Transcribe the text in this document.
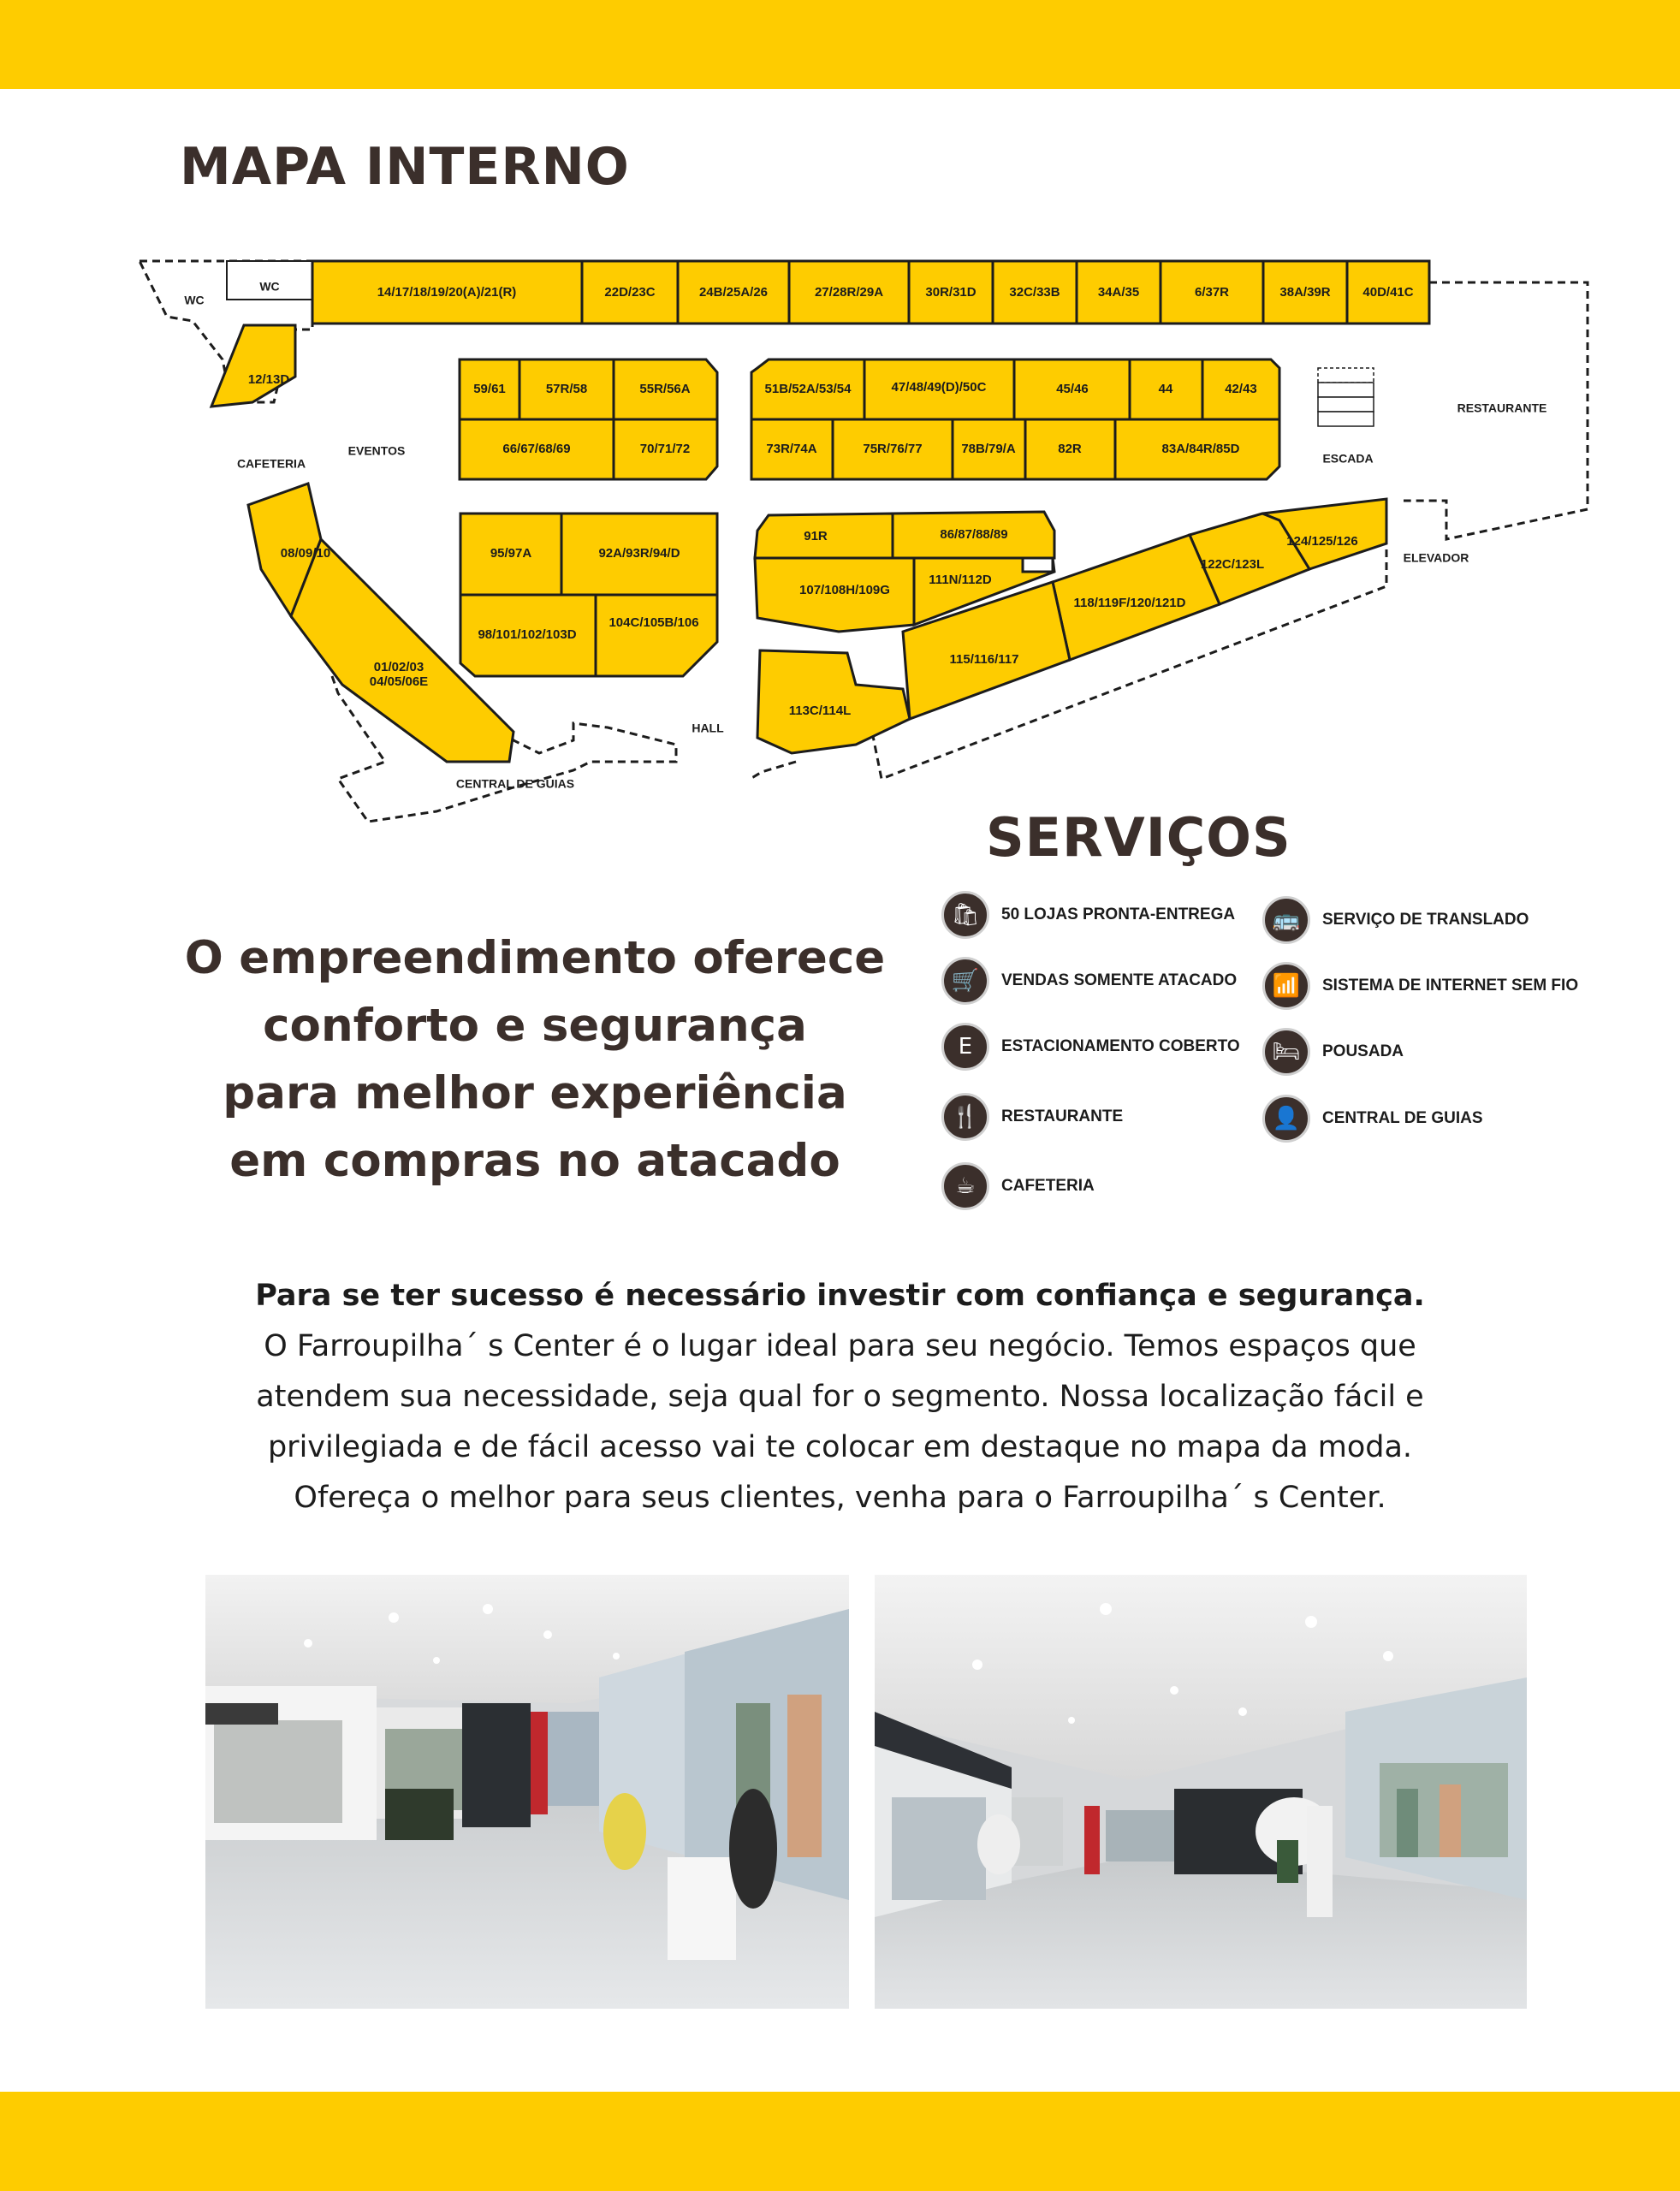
MAPA INTERNO
14/17/18/19/20(A)/21(R)	22D/23C	24B/25A/26	27/28R/29A	30R/31D	32C/33B	34A/35	6/37R	38A/39R	40D/41C
59/61	57R/58	55R/56A
66/67/68/69	70/71/72
51B/52A/53/54	47/48/49(D)/50C	45/46	44	42/43
73R/74A	75R/76/77	78B/79/A	82R	83A/84R/85D
95/97A	92A/93R/94/D
98/101/102/103D
104C/105B/106
91R	86/87/88/89
107/108H/109G
111N/112D
124/125/126
122C/123L
118/119F/120/121D
115/116/117
113C/114L
12/13D
08/09/10
01/02/03 04/05/06E
WC
WC
CAFETERIA
EVENTOS
ESCADA
RESTAURANTE
ELEVADOR
HALL
CENTRAL DE GUIAS
SERVIÇOS
🛍	50 LOJAS PRONTA-ENTREGA	🚌	SERVIÇO DE TRANSLADO
🛒	VENDAS SOMENTE ATACADO	📶	SISTEMA DE INTERNET SEM FIO
E	ESTACIONAMENTO COBERTO	🛏	POUSADA
🍴	RESTAURANTE	👤	CENTRAL DE GUIAS
☕	CAFETERIA
O empreendimento oferece
conforto e segurança
para melhor experiência
em compras no atacado
Para se ter sucesso é necessário investir com confiança e segurança.
O Farroupilha´ s Center é o lugar ideal para seu negócio. Temos espaços que
atendem sua necessidade, seja qual for o segmento. Nossa localização fácil e
privilegiada e de fácil acesso vai te colocar em destaque no mapa da moda.
Ofereça o melhor para seus clientes, venha para o Farroupilha´ s Center.
